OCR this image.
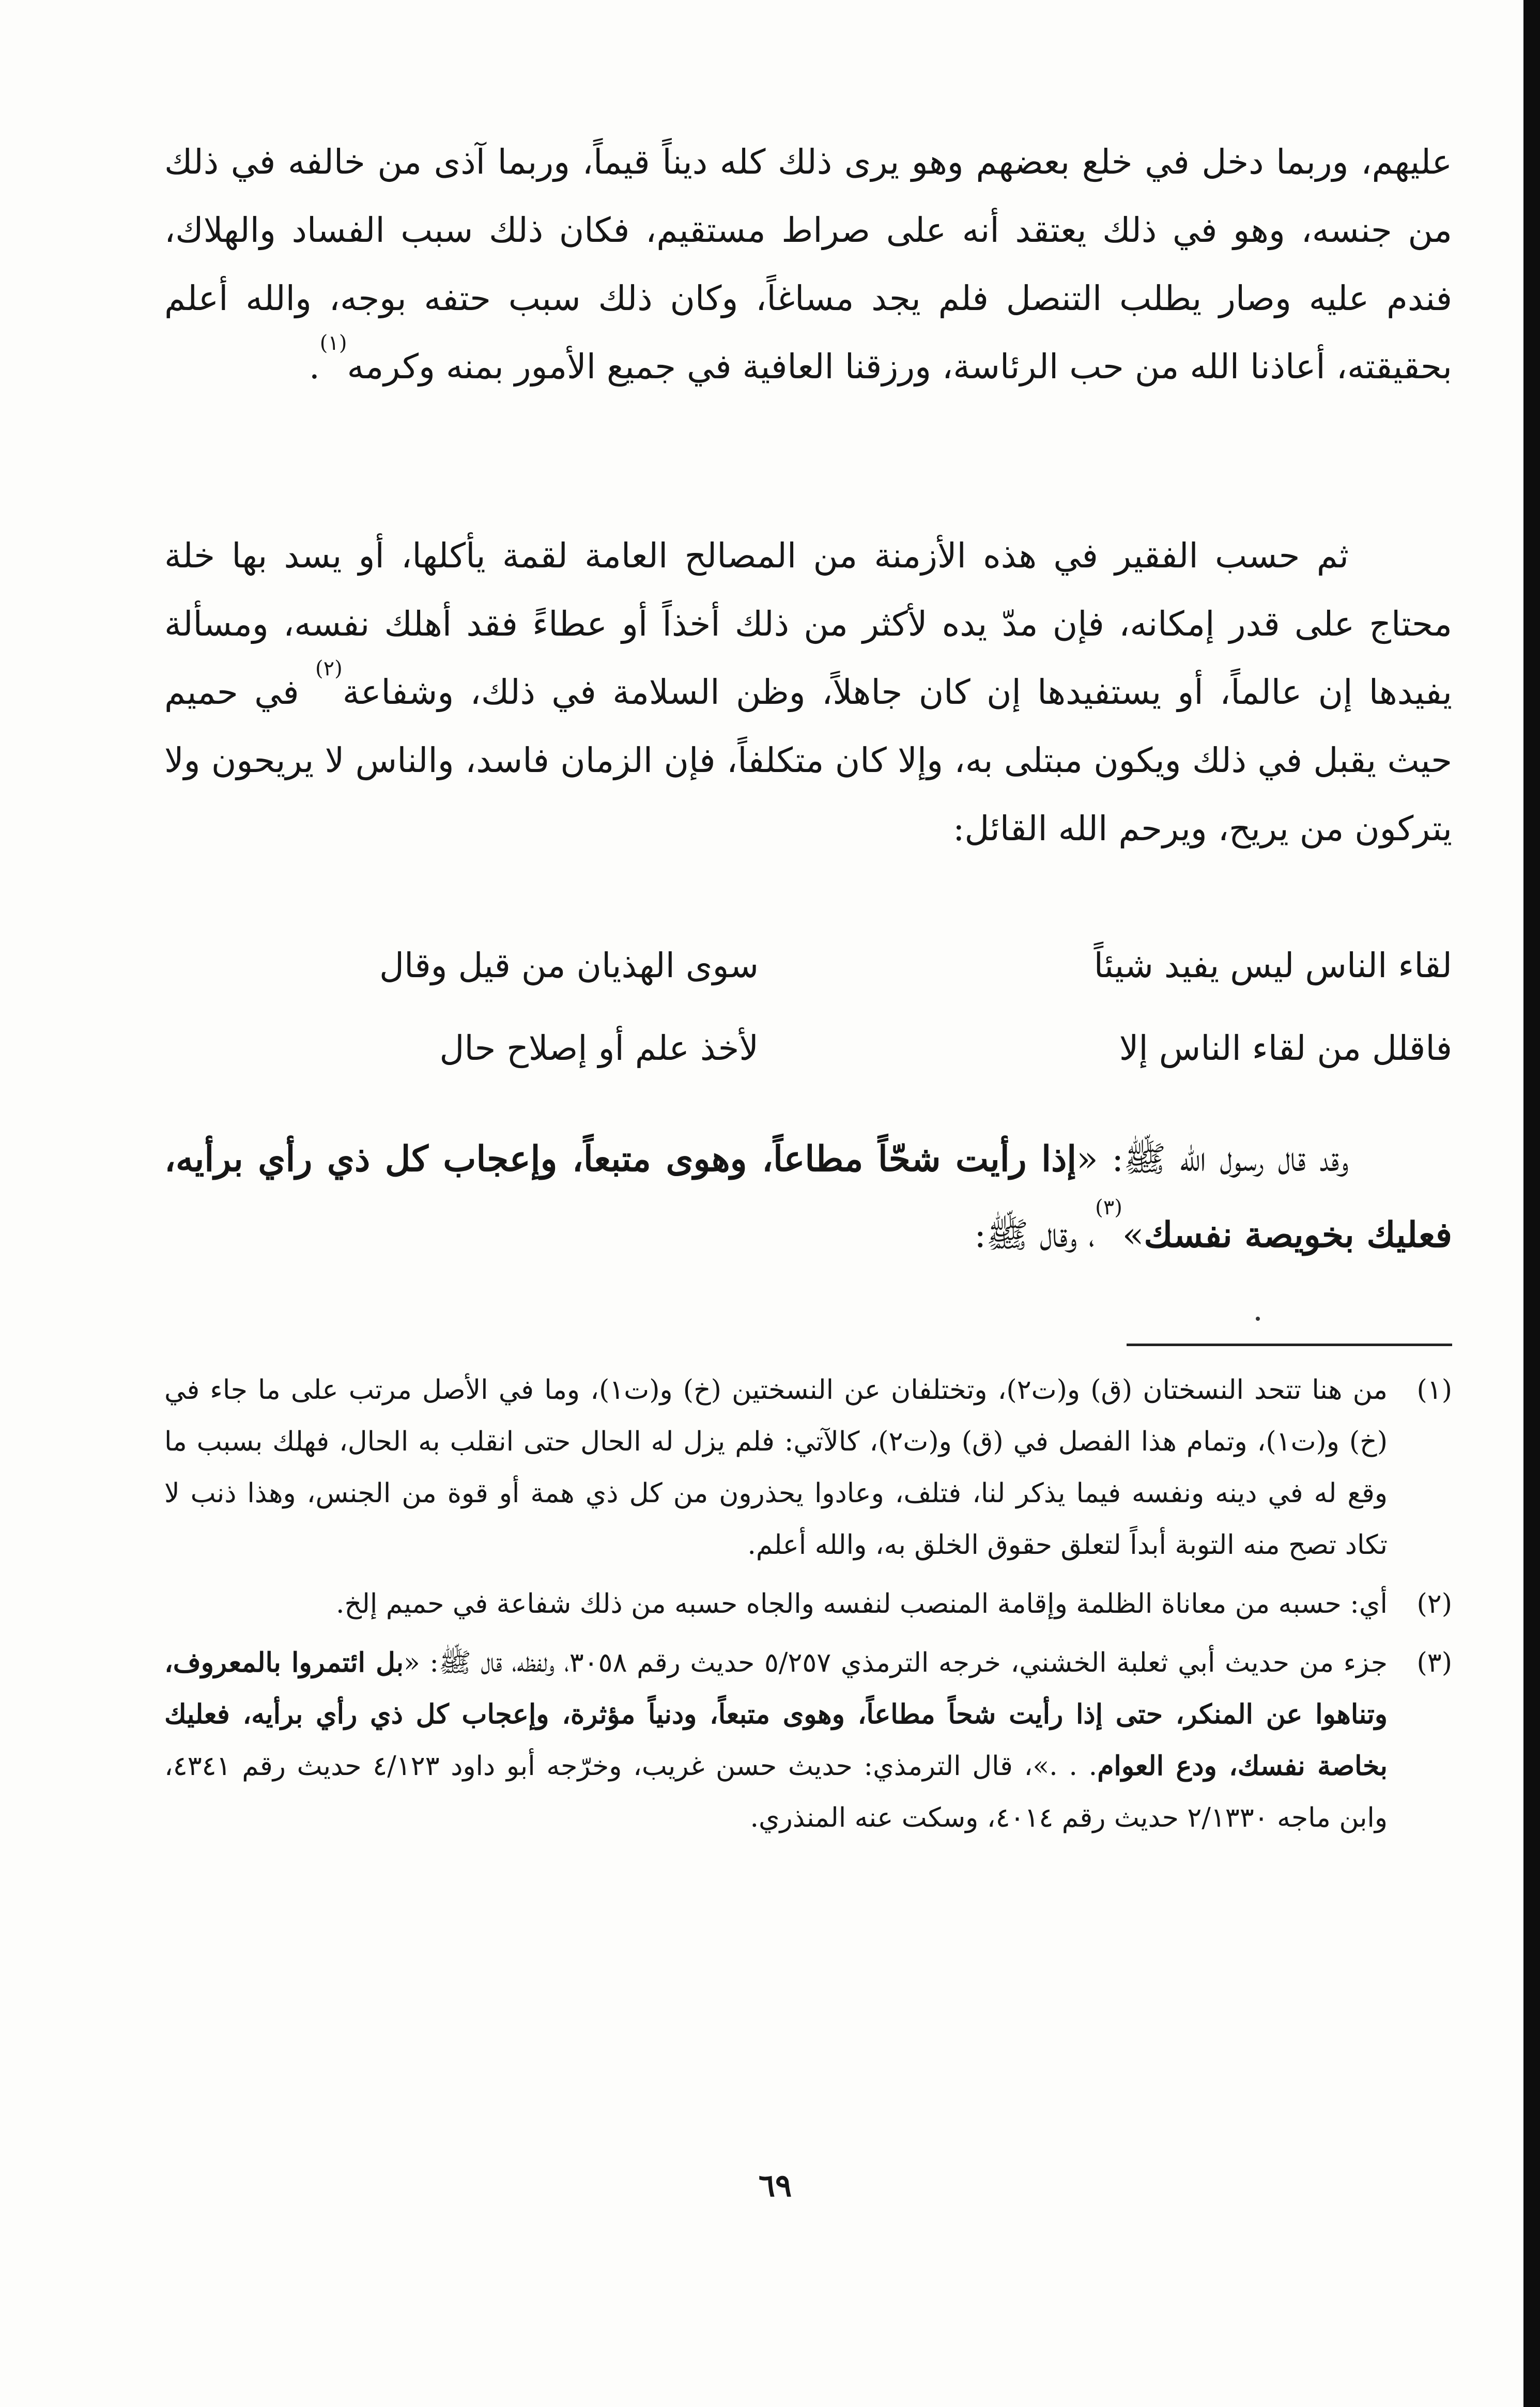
عليهم، وربما دخل في خلع بعضهم وهو يرى ذلك كله ديناً قيماً، وربما آذى من خالفه في ذلك من جنسه، وهو في ذلك يعتقد أنه على صراط مستقيم، فكان ذلك سبب الفساد والهلاك، فندم عليه وصار يطلب التنصل فلم يجد مساغاً، وكان ذلك سبب حتفه بوجه، والله أعلم بحقيقته، أعاذنا الله من حب الرئاسة، ورزقنا العافية في جميع الأمور بمنه وكرمه$^{(١)}$.

ثم حسب الفقير في هذه الأزمنة من المصالح العامة لقمة يأكلها، أو يسد بها خلة محتاج على قدر إمكانه، فإن مدّ يده لأكثر من ذلك أخذاً أو عطاءً فقد أهلك نفسه، ومسألة يفيدها إن عالماً، أو يستفيدها إن كان جاهلاً، وظن السلامة في ذلك، وشفاعة$^{(٢)}$ في حميم حيث يقبل في ذلك ويكون مبتلى به، وإلا كان متكلفاً، فإن الزمان فاسد، والناس لا يريحون ولا يتركون من يريح، ويرحم الله القائل:

لقاء الناس ليس يفيد شيئاً
سوى الهذيان من قيل وقال
فاقلل من لقاء الناس إلا
لأخذ علم أو إصلاح حال

وقد قال رسول الله ﷺ: «إذا رأيت شحّاً مطاعاً، وهوى متبعاً، وإعجاب كل ذي رأي برأيه، فعليك بخويصة نفسك»$^{(٣)}$، وقال ﷺ:

(١)

من هنا تتحد النسختان (ق) و(ت٢)، وتختلفان عن النسختين (خ) و(ت١)، وما في الأصل مرتب على ما جاء في (خ) و(ت١)، وتمام هذا الفصل في (ق) و(ت٢)، كالآتي: فلم يزل له الحال حتى انقلب به الحال، فهلك بسبب ما وقع له في دينه ونفسه فيما يذكر لنا، فتلف، وعادوا يحذرون من كل ذي همة أو قوة من الجنس، وهذا ذنب لا تكاد تصح منه التوبة أبداً لتعلق حقوق الخلق به، والله أعلم.

(٢)

أي: حسبه من معاناة الظلمة وإقامة المنصب لنفسه والجاه حسبه من ذلك شفاعة في حميم إلخ.

(٣)

جزء من حديث أبي ثعلبة الخشني، خرجه الترمذي ٥/٢٥٧ حديث رقم ٣٠٥٨، ولفظه، قال ﷺ: «بل ائتمروا بالمعروف، وتناهوا عن المنكر، حتى إذا رأيت شحاً مطاعاً، وهوى متبعاً، ودنياً مؤثرة، وإعجاب كل ذي رأي برأيه، فعليك بخاصة نفسك، ودع العوام. . .»، قال الترمذي: حديث حسن غريب، وخرّجه أبو داود ٤/١٢٣ حديث رقم ٤٣٤١، وابن ماجه ٢/١٣٣٠ حديث رقم ٤٠١٤، وسكت عنه المنذري.

٦٩
